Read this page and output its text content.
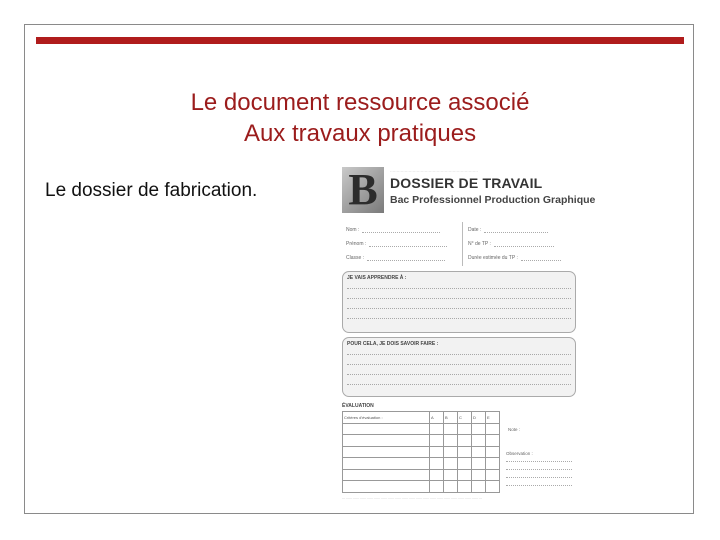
Le document ressource associé
Aux travaux pratiques
Le dossier de fabrication. B	…………………………………………………………
DOSSIER DE TRAVAIL
Bac Professionnel Production Graphique
Nom :
Prénom :
Classe :
Date :
N° de TP :
Durée estimée du TP :
JE VAIS APPRENDRE À :
POUR CELA, JE DOIS SAVOIR FAIRE :
ÉVALUATION
Critères d'évaluation :	A	B	C	D	E

Note :
Observation :
…………………………………………………………………………………………………………
